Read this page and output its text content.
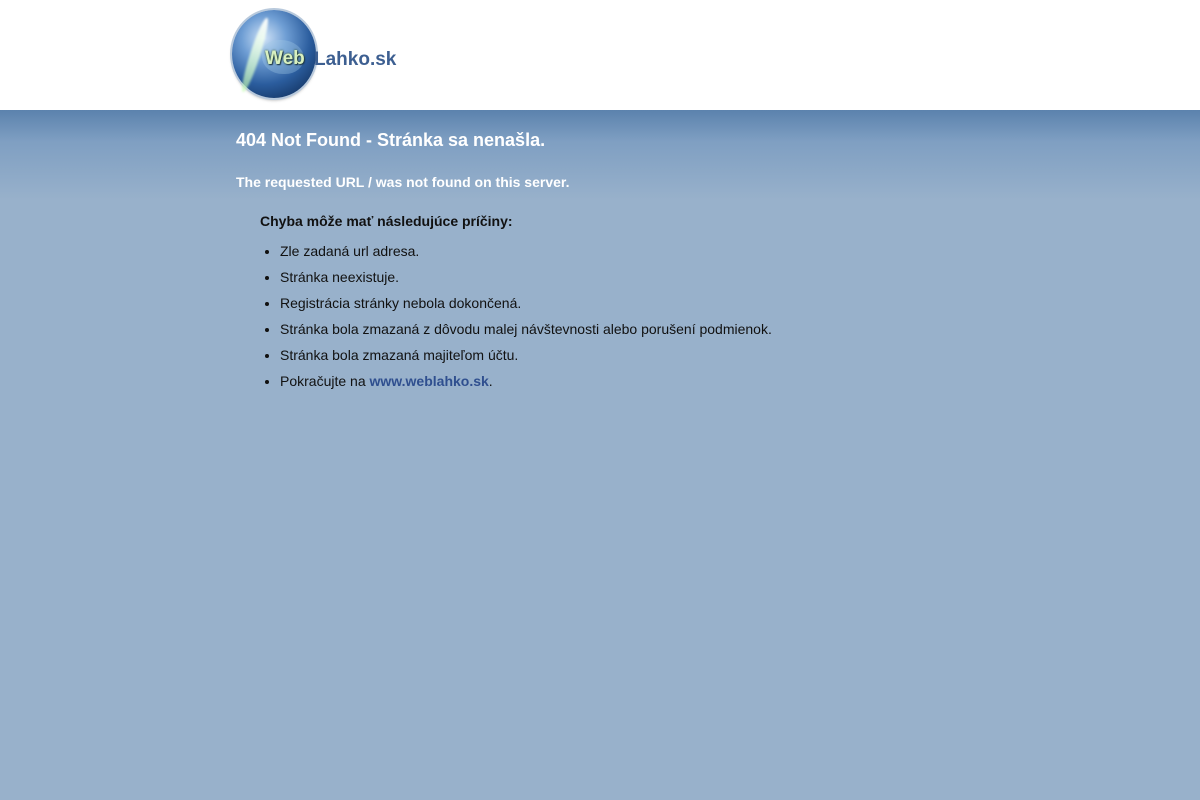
Web Lahko.sk
404 Not Found - Stránka sa nenašla.

The requested URL / was not found on this server.

Chyba môže mať následujúce príčiny:

• Zle zadaná url adresa.
• Stránka neexistuje.
• Registrácia stránky nebola dokončená.
• Stránka bola zmazaná z dôvodu malej návštevnosti alebo porušení podmienok.
• Stránka bola zmazaná majiteľom účtu.
• Pokračujte na www.weblahko.sk.
